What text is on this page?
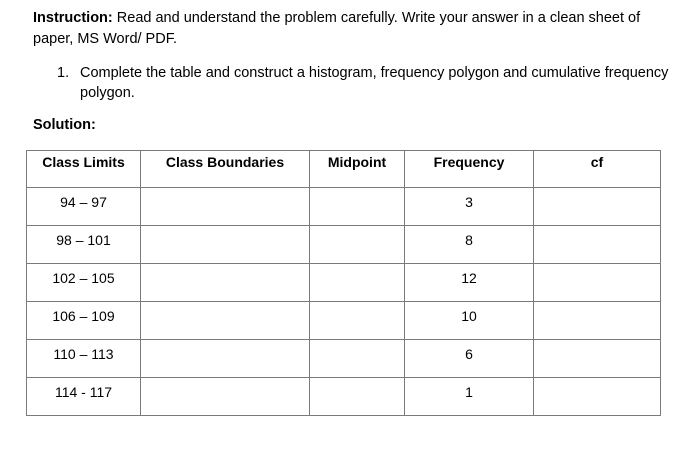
Instruction: Read and understand the problem carefully. Write your answer in a clean sheet of paper, MS Word/ PDF.
1. Complete the table and construct a histogram, frequency polygon and cumulative frequency polygon.
Solution:
Class Limits	Class Boundaries	Midpoint	Frequency	cf
94 – 97			3	
98 – 101			8	
102 – 105			12	
106 – 109			10	
110 – 113			6	
114 - 117			1	
